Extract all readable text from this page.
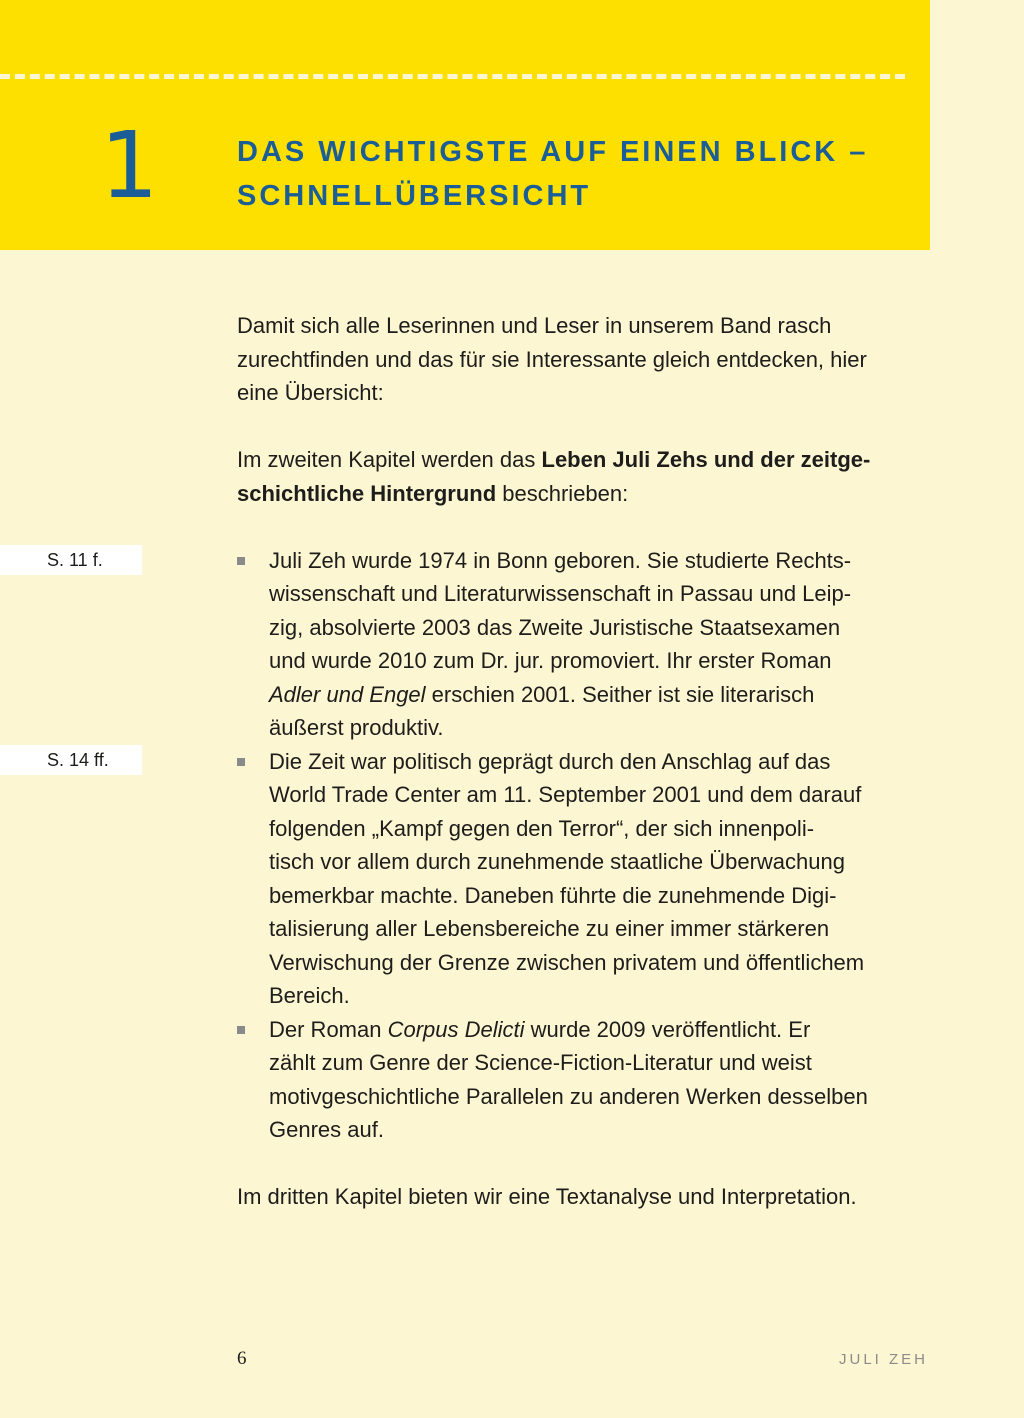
1	DAS WICHTIGSTE AUF EINEN BLICK –
SCHNELLÜBERSICHT
S. 11 f.
S. 14 ff.

Damit sich alle Leserinnen und Leser in unserem Band rasch
zurechtfinden und das für sie Interessante gleich entdecken, hier
eine Übersicht:

Im zweiten Kapitel werden das Leben Juli Zehs und der zeitge-
schichtliche Hintergrund beschrieben:

Juli Zeh wurde 1974 in Bonn geboren. Sie studierte Rechts-
wissenschaft und Literaturwissenschaft in Passau und Leip-
zig, absolvierte 2003 das Zweite Juristische Staatsexamen
und wurde 2010 zum Dr. jur. promoviert. Ihr erster Roman
Adler und Engel erschien 2001. Seither ist sie literarisch
äußerst produktiv.
Die Zeit war politisch geprägt durch den Anschlag auf das
World Trade Center am 11. September 2001 und dem darauf
folgenden „Kampf gegen den Terror“, der sich innenpoli-
tisch vor allem durch zunehmende staatliche Überwachung
bemerkbar machte. Daneben führte die zunehmende Digi-
talisierung aller Lebensbereiche zu einer immer stärkeren
Verwischung der Grenze zwischen privatem und öffentlichem
Bereich.
Der Roman Corpus Delicti wurde 2009 veröffentlicht. Er
zählt zum Genre der Science-Fiction-Literatur und weist
motivgeschichtliche Parallelen zu anderen Werken desselben
Genres auf.

Im dritten Kapitel bieten wir eine Textanalyse und Interpretation.

6	JULI ZEH
